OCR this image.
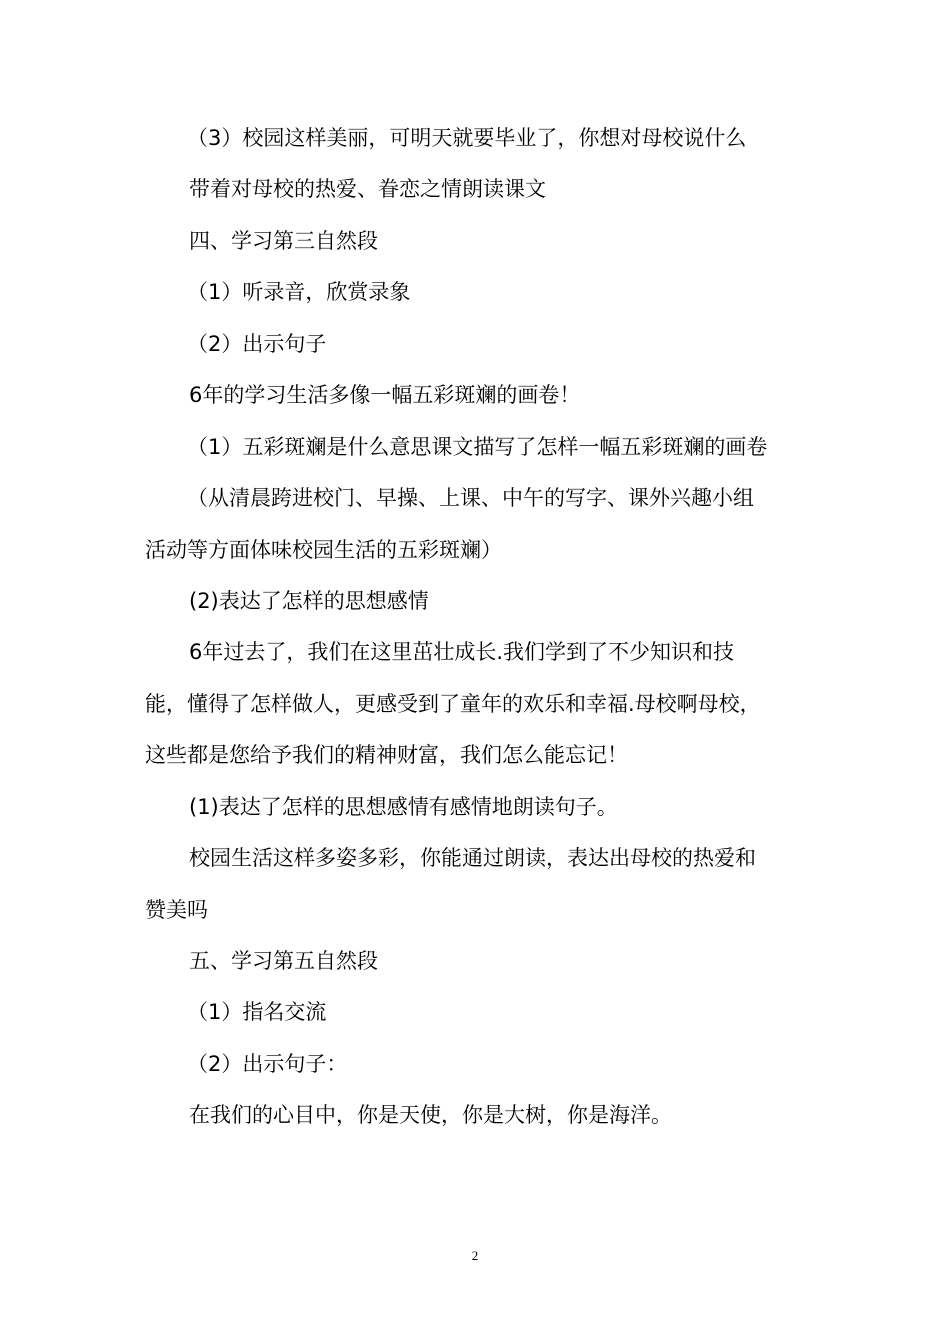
（3）校园这样美丽，可明天就要毕业了，你想对母校说什么
带着对母校的热爱、眷恋之情朗读课文
四、学习第三自然段
（1）听录音，欣赏录象
（2）出示句子
6年的学习生活多像一幅五彩斑斓的画卷！
（1）五彩斑斓是什么意思课文描写了怎样一幅五彩斑斓的画卷
（从清晨跨进校门、早操、上课、中午的写字、课外兴趣小组
活动等方面体味校园生活的五彩斑斓）
(2)表达了怎样的思想感情
6年过去了，我们在这里茁壮成长.我们学到了不少知识和技
能，懂得了怎样做人，更感受到了童年的欢乐和幸福.母校啊母校，
这些都是您给予我们的精神财富，我们怎么能忘记！
(1)表达了怎样的思想感情有感情地朗读句子。
校园生活这样多姿多彩，你能通过朗读，表达出母校的热爱和
赞美吗
五、学习第五自然段
（1）指名交流
（2）出示句子：
在我们的心目中，你是天使，你是大树，你是海洋。
2
